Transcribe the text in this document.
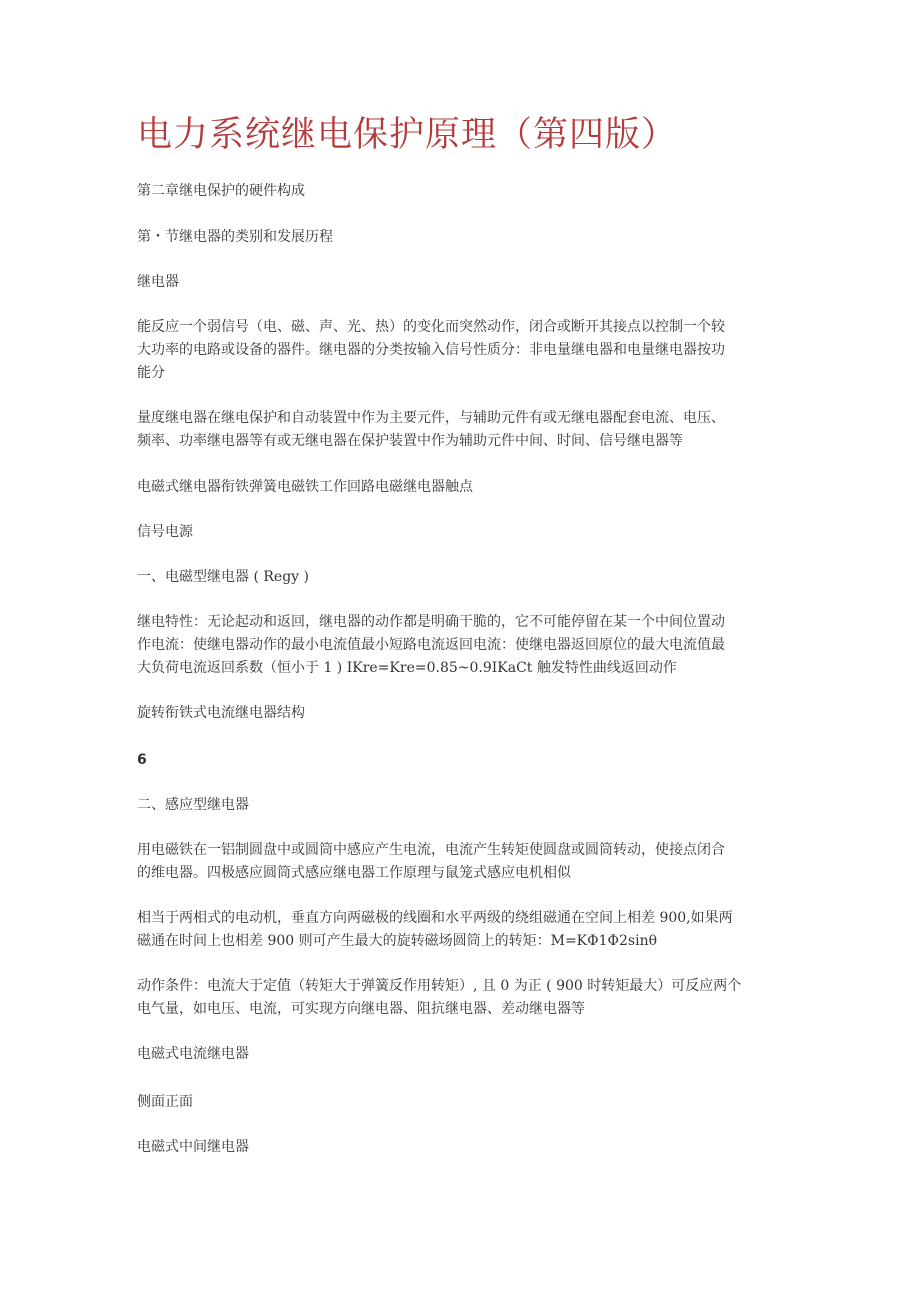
电力系统继电保护原理（第四版）

第二章继电保护的硬件构成

第・节继电器的类别和发展历程

继电器

能反应一个弱信号（电、磁、声、光、热）的变化而突然动作，闭合或断开其接点以控制一个较
大功率的电路或设备的器件。继电器的分类按输入信号性质分：非电量继电器和电量继电器按功
能分

量度继电器在继电保护和自动装置中作为主要元件，与辅助元件有或无继电器配套电流、电压、
频率、功率继电器等有或无继电器在保护装置中作为辅助元件中间、时间、信号继电器等

电磁式继电器衔铁弹簧电磁铁工作回路电磁继电器触点

信号电源

一、电磁型继电器 ( Regy )

继电特性：无论起动和返回，继电器的动作都是明确干脆的，它不可能停留在某一个中间位置动
作电流：使继电器动作的最小电流值最小短路电流返回电流：使继电器返回原位的最大电流值最
大负荷电流返回系数（恒小于 1 ) IKre=Kre=0.85~0.9IKaCt 触发特性曲线返回动作

旋转衔铁式电流继电器结构

6

二、感应型继电器

用电磁铁在一铝制圆盘中或圆筒中感应产生电流，电流产生转矩使圆盘或圆筒转动，使接点闭合
的维电器。四极感应圆筒式感应继电器工作原理与鼠笼式感应电机相似

相当于两相式的电动机，垂直方向两磁极的线圈和水平两级的绕组磁通在空间上相差 900,如果两
磁通在时间上也相差 900 则可产生最大的旋转磁场圆筒上的转矩：M=KΦ1Φ2sinθ

动作条件：电流大于定值（转矩大于弹簧反作用转矩）, 且 0 为正 ( 900 时转矩最大）可反应两个
电气量，如电压、电流，可实现方向继电器、阻抗继电器、差动继电器等

电磁式电流继电器

侧面正面

电磁式中间继电器
